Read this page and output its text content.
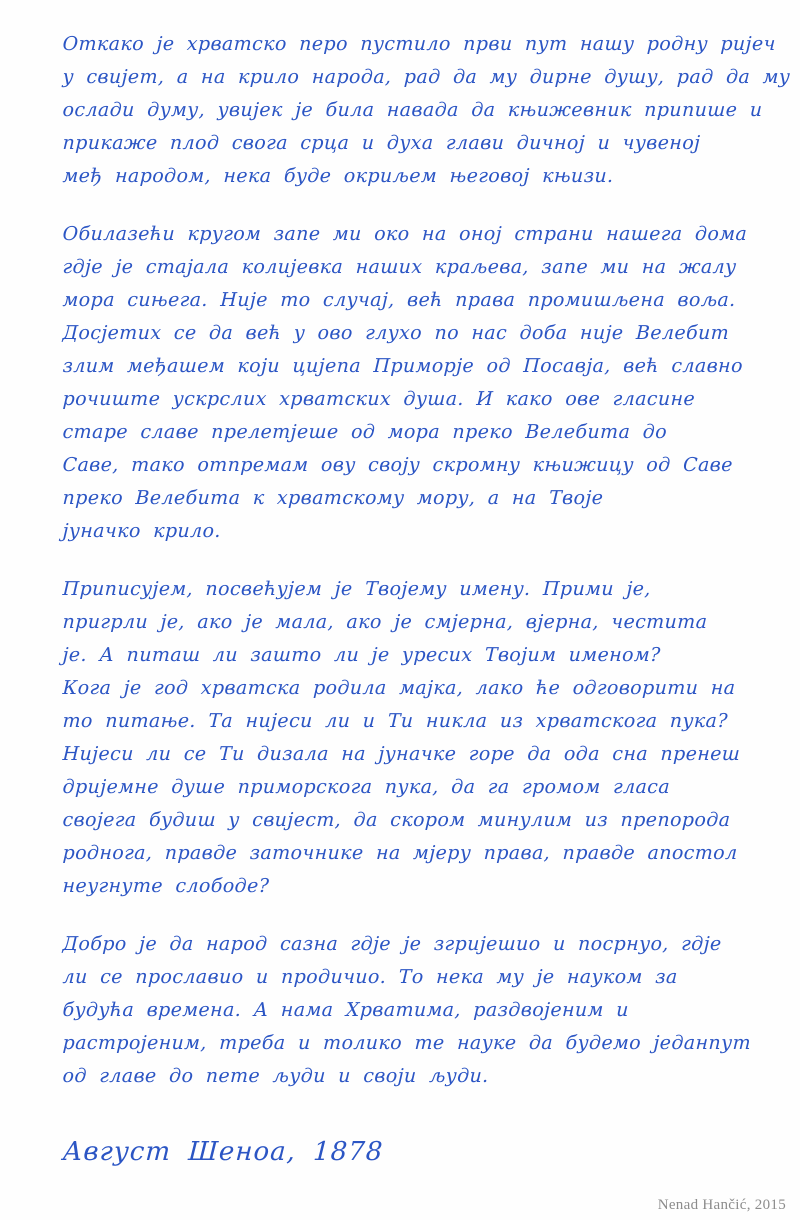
Откако је хрватско перо пустило први пут нашу родну ријеч
у свијет, а на крило народа, рад да му дирне душу, рад да му
ослади думу, увијек је била навада да књижевник припише и
прикаже плод свога срца и духа глави дичној и чувеној
међ народом, нека буде окриљем његовој књизи.
Обилазећи кругом запе ми око на оној страни нашега дома
гдје је стајала колијевка наших краљева, запе ми на жалу
мора сињега. Није то случај, већ права промишљена воља.
Досјетих се да већ у ово глухо по нас доба није Велебит
злим међашем који цијепа Приморје од Посавја, већ славно
рочиште ускрслих хрватских душа. И како ове гласине
старе славе прелетјеше од мора преко Велебита до
Саве, тако отпремам ову своју скромну књижицу од Саве
преко Велебита к хрватскому мору, а на Твоје
јуначко крило.
Приписујем, посвећујем је Твојему имену. Прими је,
пригрли је, ако је мала, ако је смјерна, вјерна, честита
је. А питаш ли зашто ли је уресих Твојим именом?
Кога је год хрватска родила мајка, лако ће одговорити на
то питање. Та нијеси ли и Ти никла из хрватскога пука?
Нијеси ли се Ти дизала на јуначке горе да ода сна пренеш
дријемне душе приморскога пука, да га громом гласа
својега будиш у свијест, да скором минулим из препорода
роднога, правде заточнике на мјеру права, правде апостол
неугнуте слободе?
Добро је да народ сазна гдје је згријешио и посрнуо, гдје
ли се прославио и продичио. То нека му је науком за
будућа времена. А нама Хрватима, раздвојеним и
растројеним, треба и толико те науке да будемо једанпут
од главе до пете људи и своји људи.
Август Шеноа, 1878
Nenad Hančić, 2015
